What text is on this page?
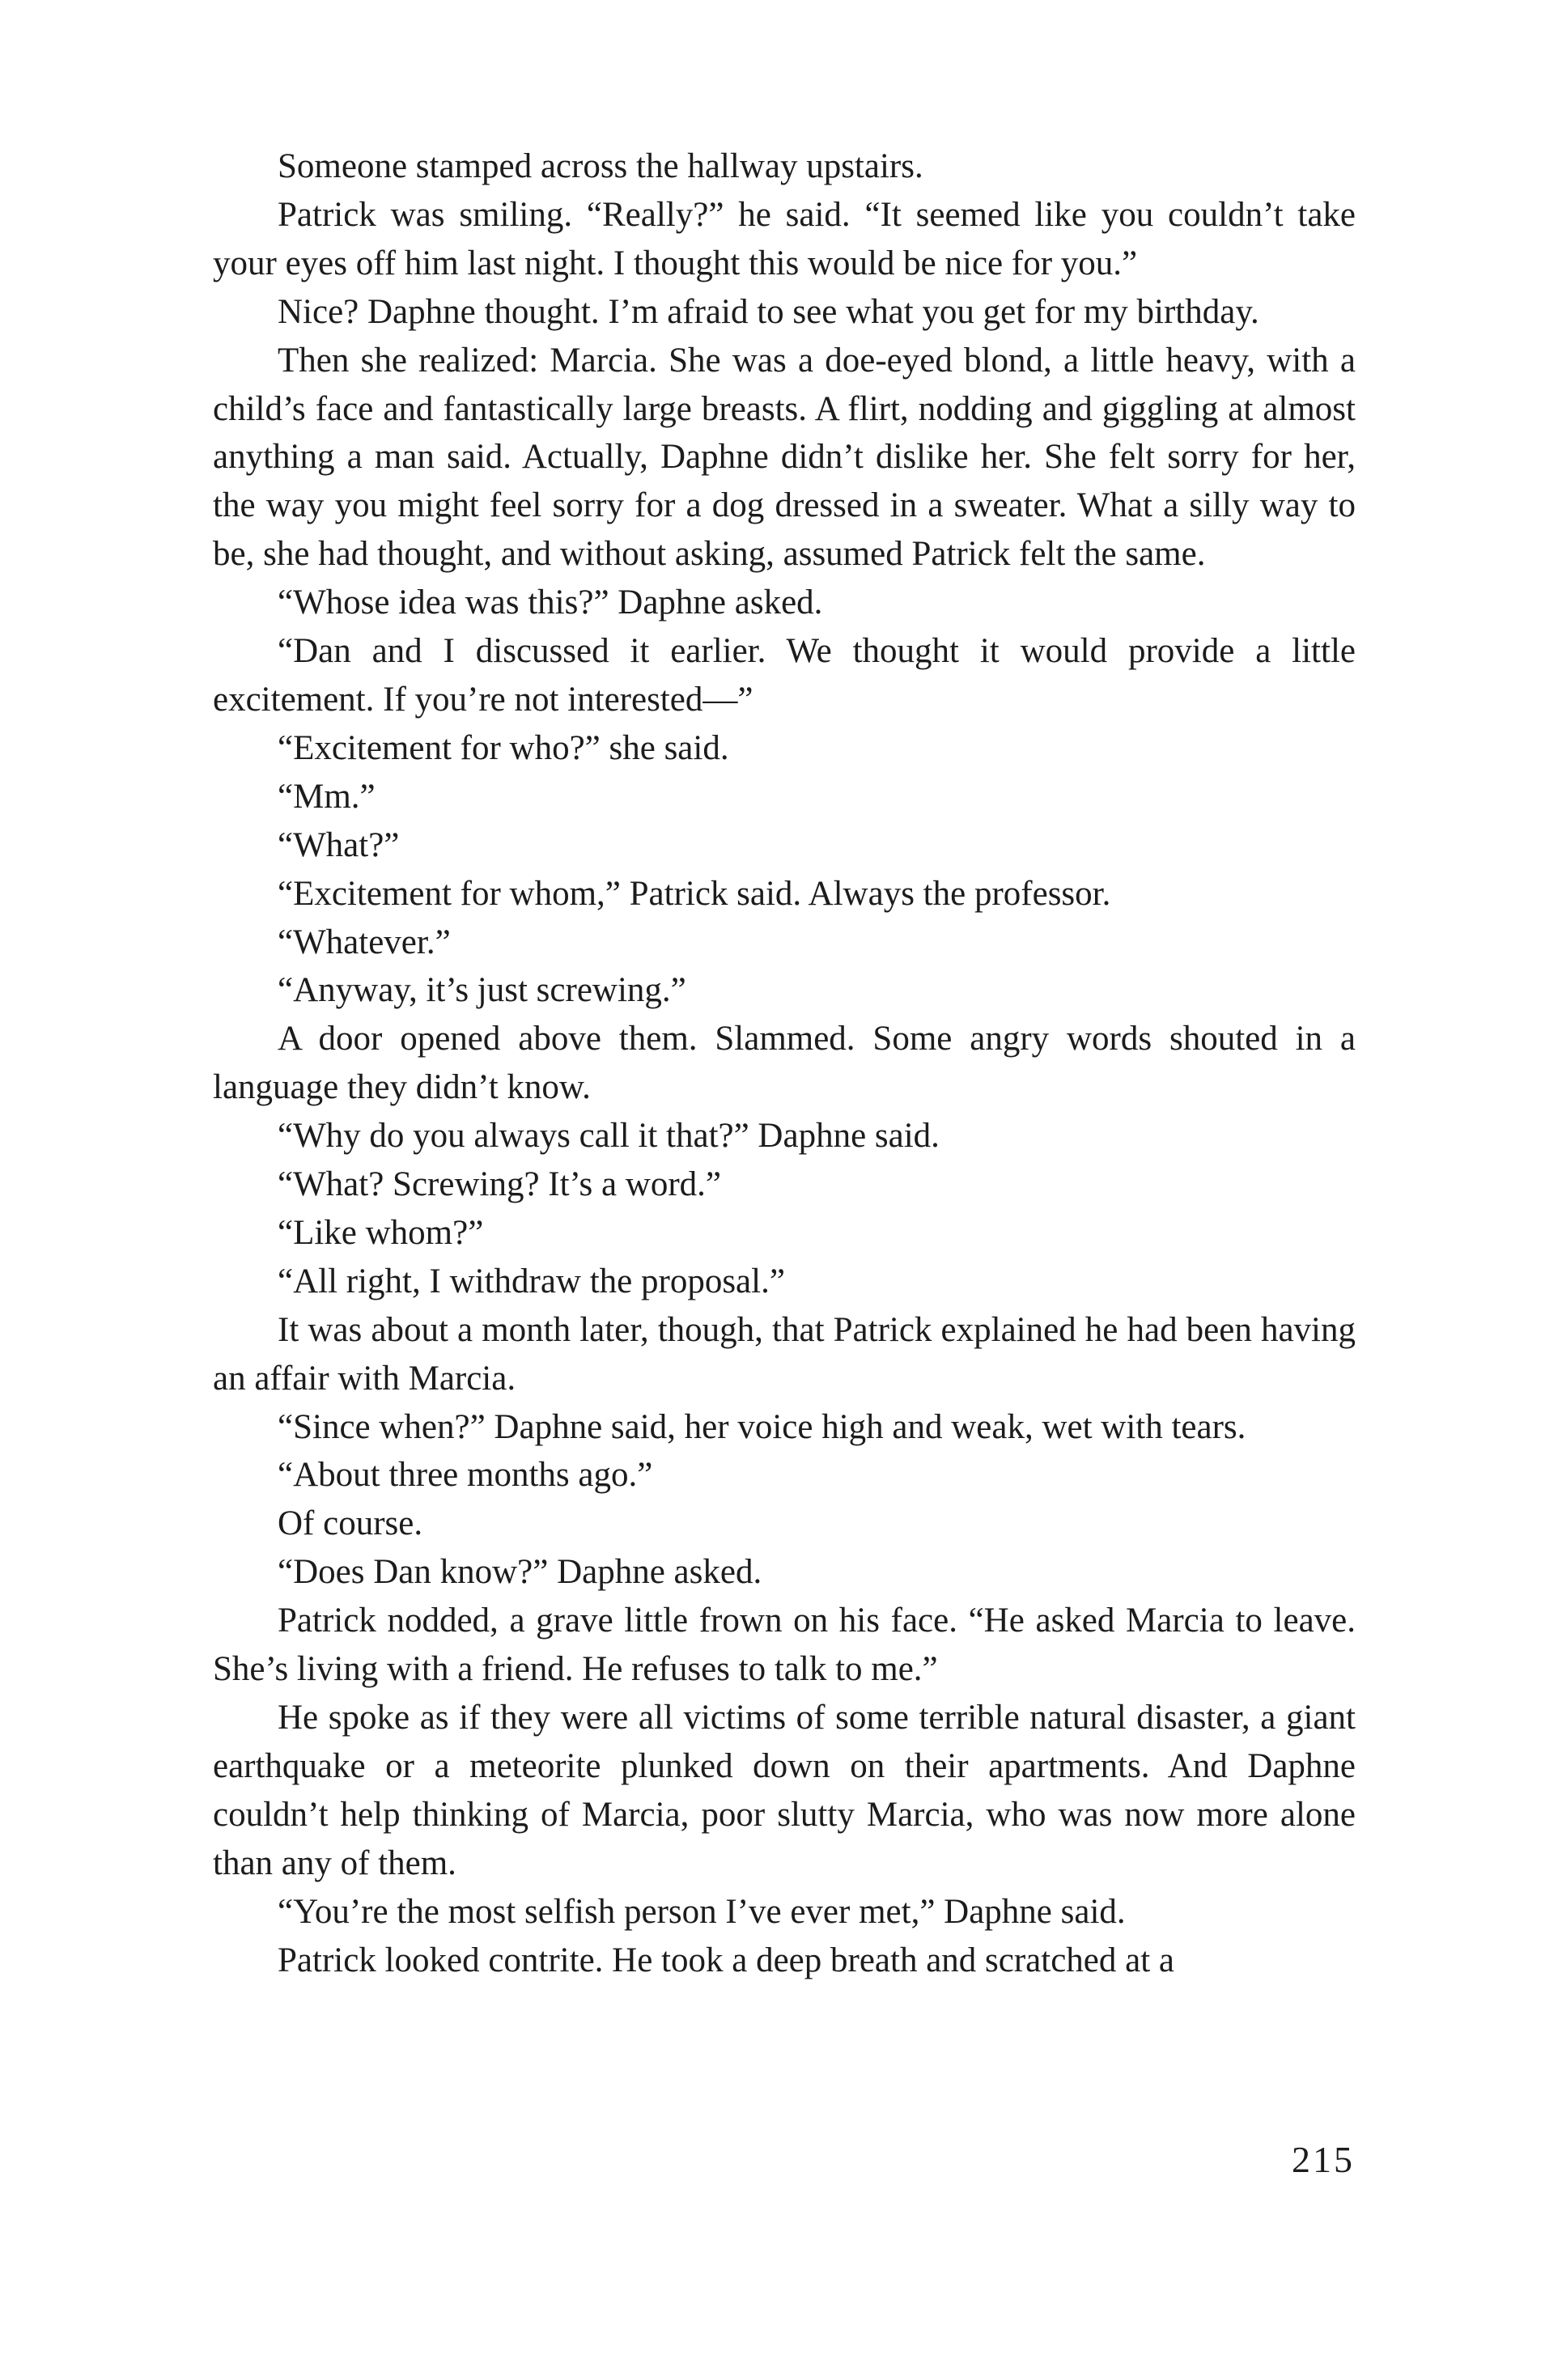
Someone stamped across the hallway upstairs.

Patrick was smiling. “Really?” he said. “It seemed like you couldn’t take your eyes off him last night. I thought this would be nice for you.”

Nice? Daphne thought. I’m afraid to see what you get for my birthday.

Then she realized: Marcia. She was a doe-eyed blond, a little heavy, with a child’s face and fantastically large breasts. A flirt, nodding and giggling at almost anything a man said. Actually, Daphne didn’t dislike her. She felt sorry for her, the way you might feel sorry for a dog dressed in a sweater. What a silly way to be, she had thought, and without asking, assumed Patrick felt the same.

“Whose idea was this?” Daphne asked.

“Dan and I discussed it earlier. We thought it would provide a little excitement. If you’re not interested—”

“Excitement for who?” she said.

“Mm.”

“What?”

“Excitement for whom,” Patrick said. Always the professor.

“Whatever.”

“Anyway, it’s just screwing.”

A door opened above them. Slammed. Some angry words shouted in a language they didn’t know.

“Why do you always call it that?” Daphne said.

“What? Screwing? It’s a word.”

“Like whom?”

“All right, I withdraw the proposal.”

It was about a month later, though, that Patrick explained he had been having an affair with Marcia.

“Since when?” Daphne said, her voice high and weak, wet with tears.

“About three months ago.”

Of course.

“Does Dan know?” Daphne asked.

Patrick nodded, a grave little frown on his face. “He asked Marcia to leave. She’s living with a friend. He refuses to talk to me.”

He spoke as if they were all victims of some terrible natural disaster, a giant earthquake or a meteorite plunked down on their apartments. And Daphne couldn’t help thinking of Marcia, poor slutty Marcia, who was now more alone than any of them.

“You’re the most selfish person I’ve ever met,” Daphne said.

Patrick looked contrite. He took a deep breath and scratched at a

215
